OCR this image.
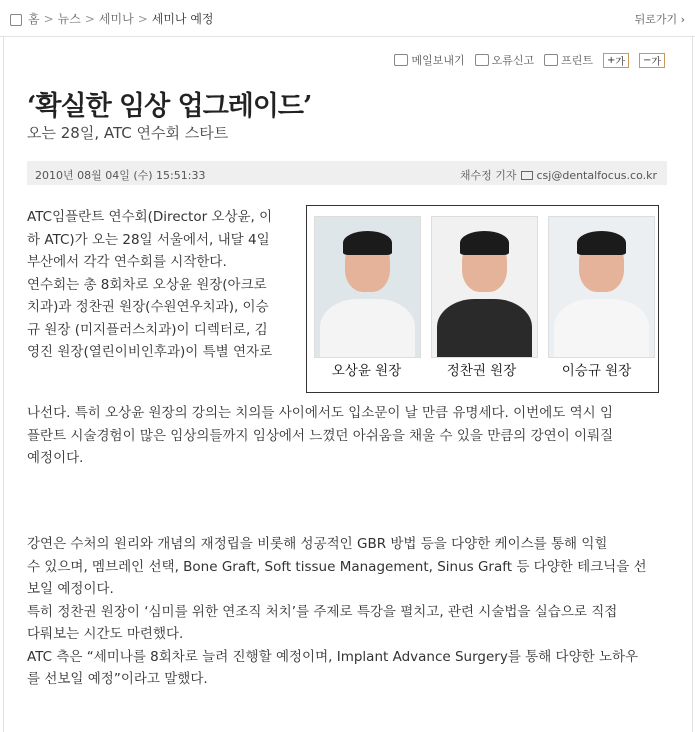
홈 > 뉴스 > 세미나 > 세미나 예정	뒤로가기 ›
메일보내기 오류신고 프린트	+ 가	− 가
‘확실한 임상 업그레이드’
오는 28일, ATC 연수회 스타트
2010년 08월 04일 (수) 15:51:33	채수정 기자 csj@dentalfocus.co.kr
오상윤 원장	정찬권 원장	이승규 원장
ATC임플란트 연수회(Director 오상윤, 이
하 ATC)가 오는 28일 서울에서, 내달 4일
부산에서 각각 연수회를 시작한다.
연수회는 총 8회차로 오상윤 원장(아크로
치과)과 정찬권 원장(수원연우치과), 이승
규 원장 (미지플러스치과)이 디렉터로, 김
영진 원장(열린이비인후과)이 특별 연자로
나선다. 특히 오상윤 원장의 강의는 치의들 사이에서도 입소문이 날 만큼 유명세다. 이번에도 역시 임
플란트 시술경험이 많은 임상의들까지 임상에서 느꼈던 아쉬움을 채울 수 있을 만큼의 강연이 이뤄질
예정이다.
강연은 수처의 원리와 개념의 재정립을 비롯해 성공적인 GBR 방법 등을 다양한 케이스를 통해 익힐
수 있으며, 멤브레인 선택, Bone Graft, Soft tissue Management, Sinus Graft 등 다양한 테크닉을 선
보일 예정이다.
특히 정찬권 원장이 ‘심미를 위한 연조직 처치’를 주제로 특강을 펼치고, 관련 시술법을 실습으로 직접
다뤄보는 시간도 마련했다.
ATC 측은 “세미나를 8회차로 늘려 진행할 예정이며, Implant Advance Surgery를 통해 다양한 노하우
를 선보일 예정”이라고 말했다.
